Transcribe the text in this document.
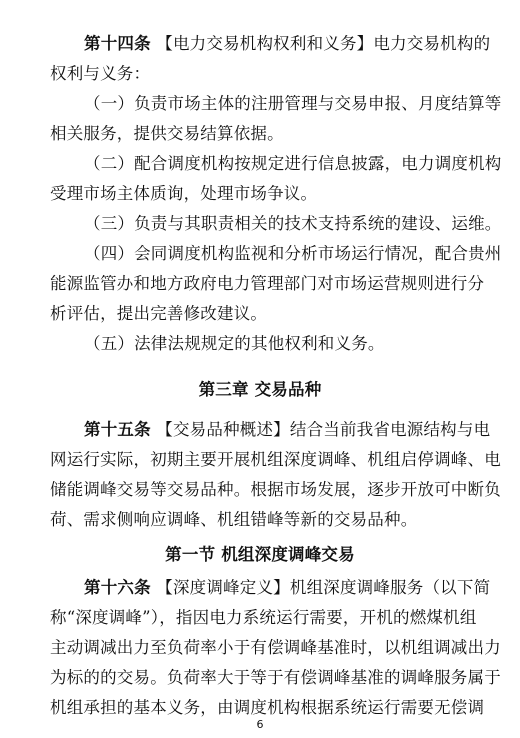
第十四条 【电力交易机构权利和义务】电力交易机构的
权利与义务：
（一）负责市场主体的注册管理与交易申报、月度结算等
相关服务，提供交易结算依据。
（二）配合调度机构按规定进行信息披露，电力调度机构
受理市场主体质询，处理市场争议。
（三）负责与其职责相关的技术支持系统的建设、运维。
（四）会同调度机构监视和分析市场运行情况，配合贵州
能源监管办和地方政府电力管理部门对市场运营规则进行分
析评估，提出完善修改建议。
（五）法律法规规定的其他权利和义务。
第三章 交易品种
第十五条 【交易品种概述】结合当前我省电源结构与电
网运行实际，初期主要开展机组深度调峰、机组启停调峰、电
储能调峰交易等交易品种。根据市场发展，逐步开放可中断负
荷、需求侧响应调峰、机组错峰等新的交易品种。
第一节 机组深度调峰交易
第十六条 【深度调峰定义】机组深度调峰服务（以下简
称“深度调峰”），指因电力系统运行需要，开机的燃煤机组
主动调减出力至负荷率小于有偿调峰基准时，以机组调减出力
为标的的交易。负荷率大于等于有偿调峰基准的调峰服务属于
机组承担的基本义务，由调度机构根据系统运行需要无偿调
6
